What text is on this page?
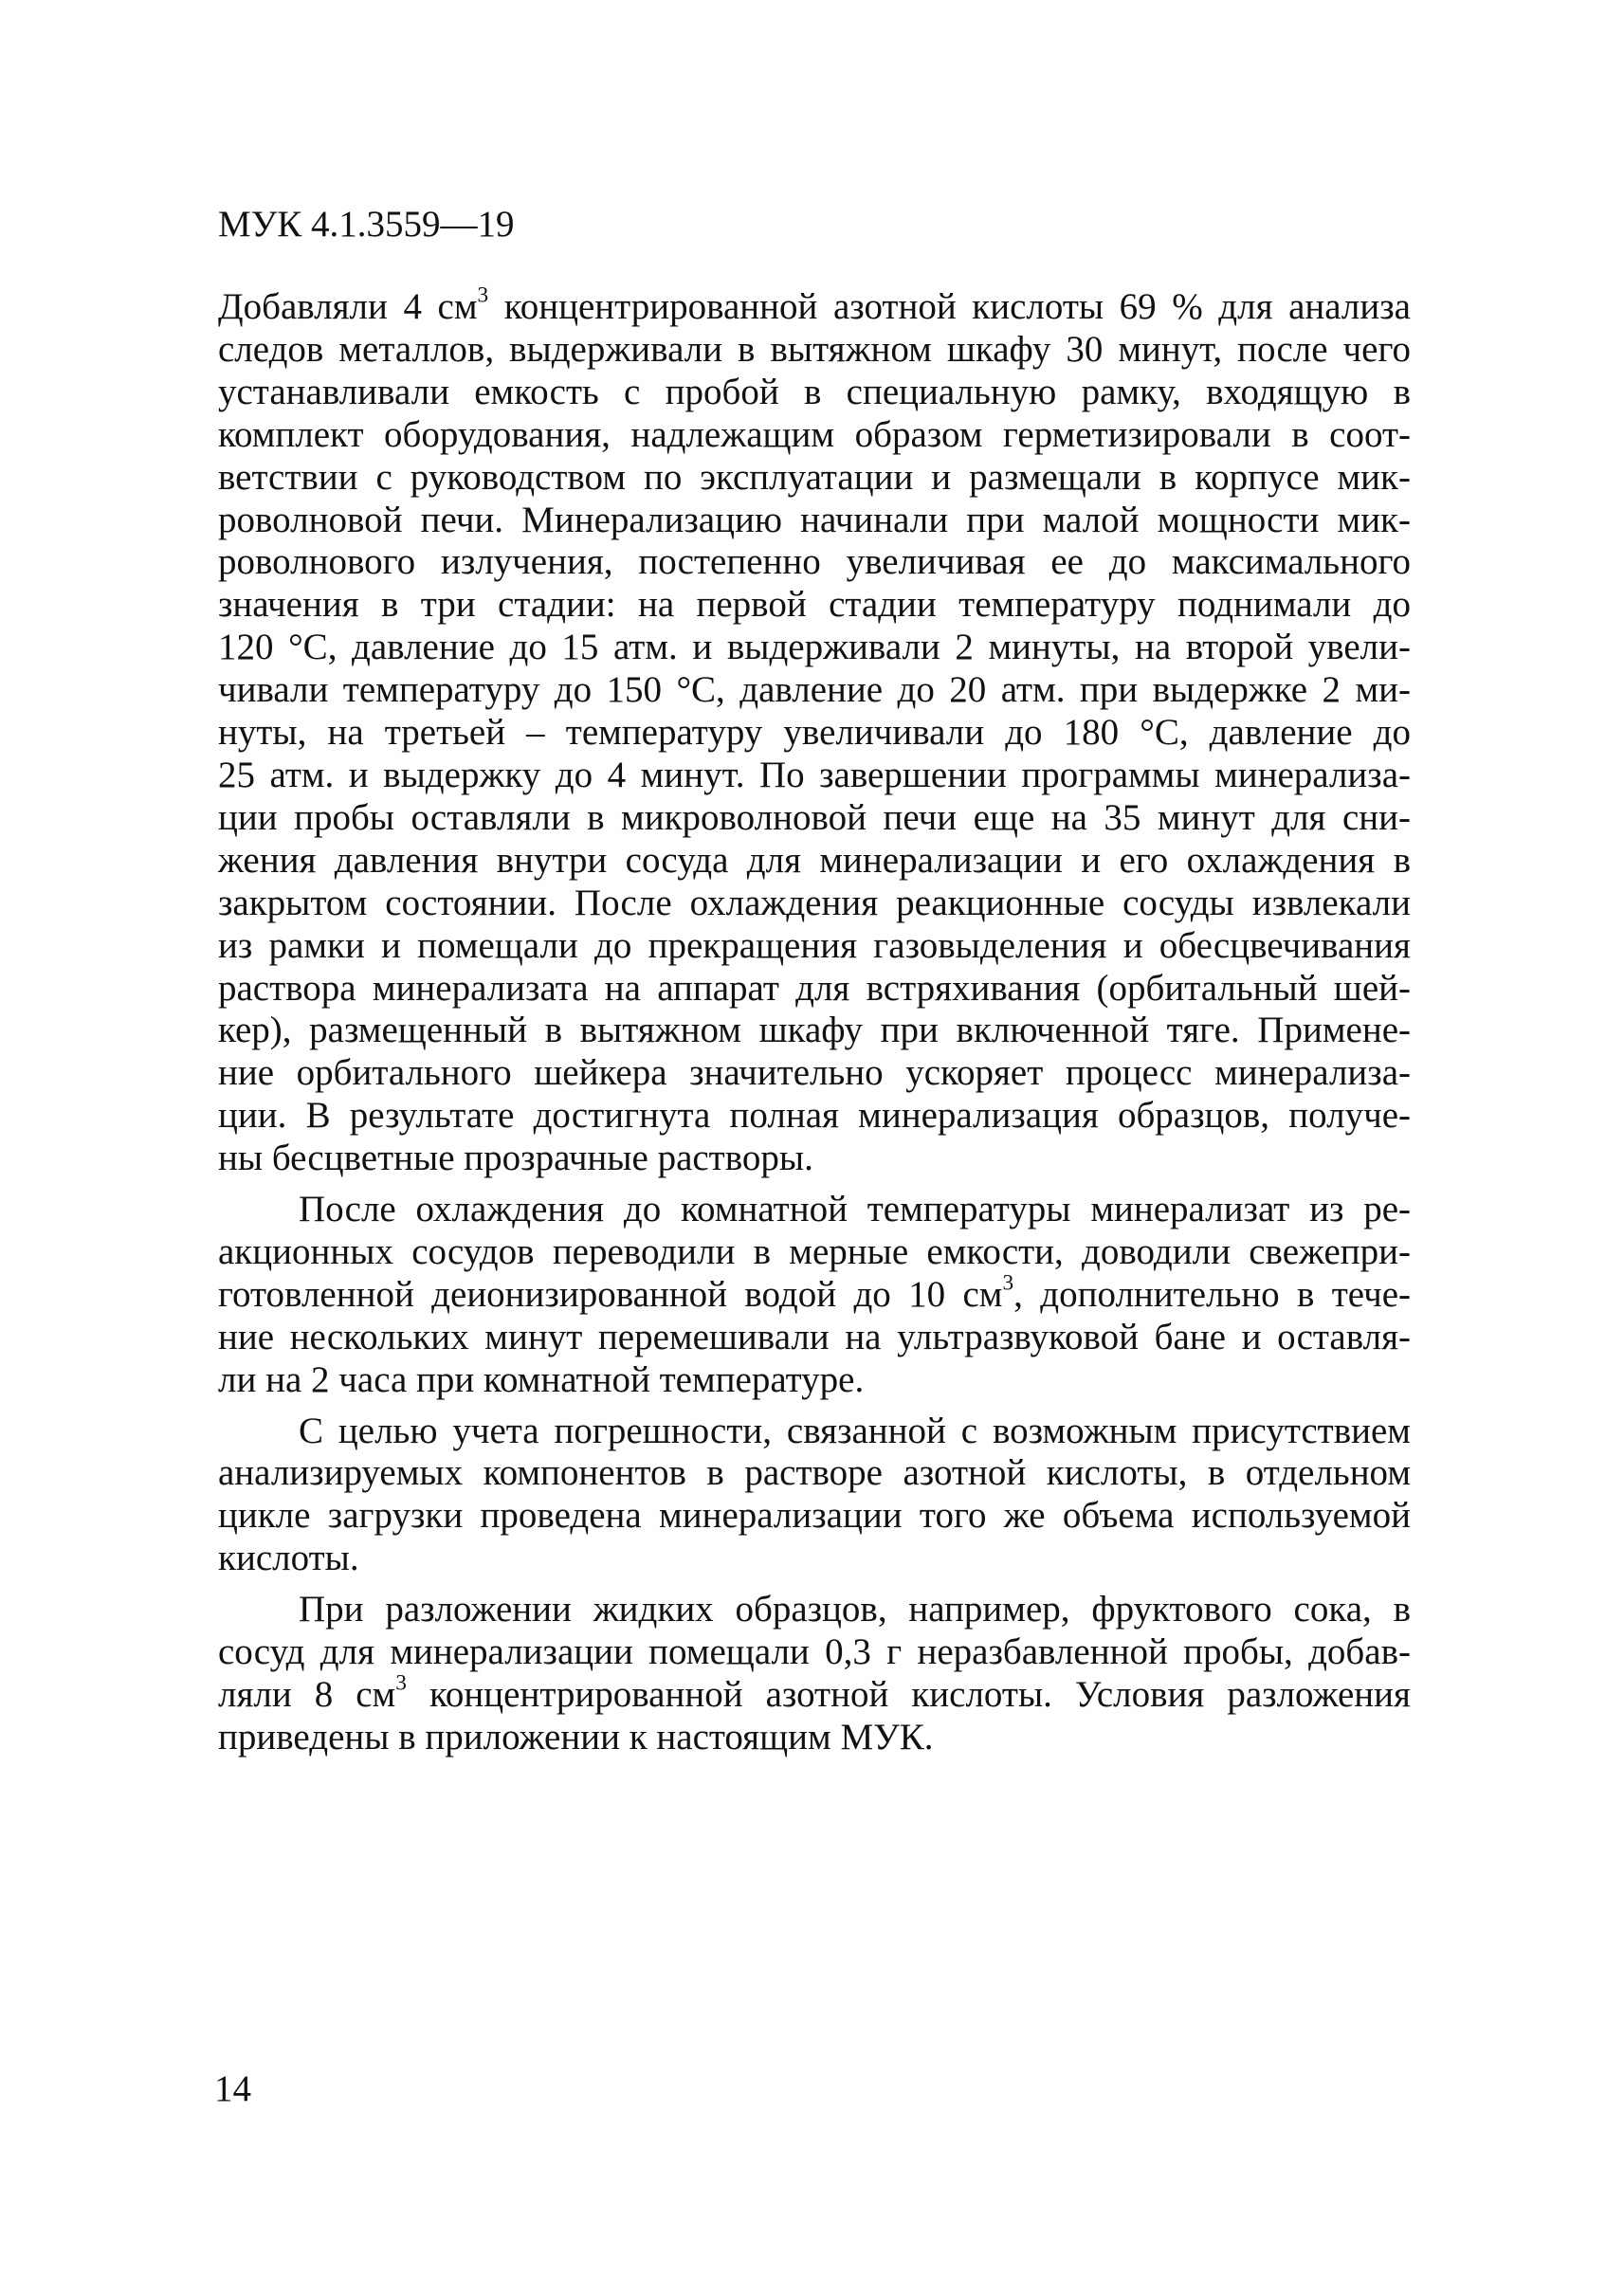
МУК 4.1.3559—19
Добавляли 4 $см^3$ концентрированной азотной кислоты 69 % для анализа
следов металлов, выдерживали в вытяжном шкафу 30 минут, после чего
устанавливали емкость с пробой в специальную рамку, входящую в
комплект оборудования, надлежащим образом герметизировали в соот-
ветствии с руководством по эксплуатации и размещали в корпусе мик-
роволновой печи. Минерализацию начинали при малой мощности мик-
роволнового излучения, постепенно увеличивая ее до максимального
значения в три стадии: на первой стадии температуру поднимали до
120 °C, давление до 15 атм. и выдерживали 2 минуты, на второй увели-
чивали температуру до 150 °C, давление до 20 атм. при выдержке 2 ми-
нуты, на третьей – температуру увеличивали до 180 °C, давление до
25 атм. и выдержку до 4 минут. По завершении программы минерализа-
ции пробы оставляли в микроволновой печи еще на 35 минут для сни-
жения давления внутри сосуда для минерализации и его охлаждения в
закрытом состоянии. После охлаждения реакционные сосуды извлекали
из рамки и помещали до прекращения газовыделения и обесцвечивания
раствора минерализата на аппарат для встряхивания (орбитальный шей-
кер), размещенный в вытяжном шкафу при включенной тяге. Примене-
ние орбитального шейкера значительно ускоряет процесс минерализа-
ции. В результате достигнута полная минерализация образцов, получе-
ны бесцветные прозрачные растворы.
После охлаждения до комнатной температуры минерализат из ре-
акционных сосудов переводили в мерные емкости, доводили свежепри-
готовленной деионизированной водой до 10 $см^3$, дополнительно в тече-
ние нескольких минут перемешивали на ультразвуковой бане и оставля-
ли на 2 часа при комнатной температуре.
С целью учета погрешности, связанной с возможным присутствием
анализируемых компонентов в растворе азотной кислоты, в отдельном
цикле загрузки проведена минерализации того же объема используемой
кислоты.
При разложении жидких образцов, например, фруктового сока, в
сосуд для минерализации помещали 0,3 г неразбавленной пробы, добав-
ляли 8 $см^3$ концентрированной азотной кислоты. Условия разложения
приведены в приложении к настоящим МУК.
14
